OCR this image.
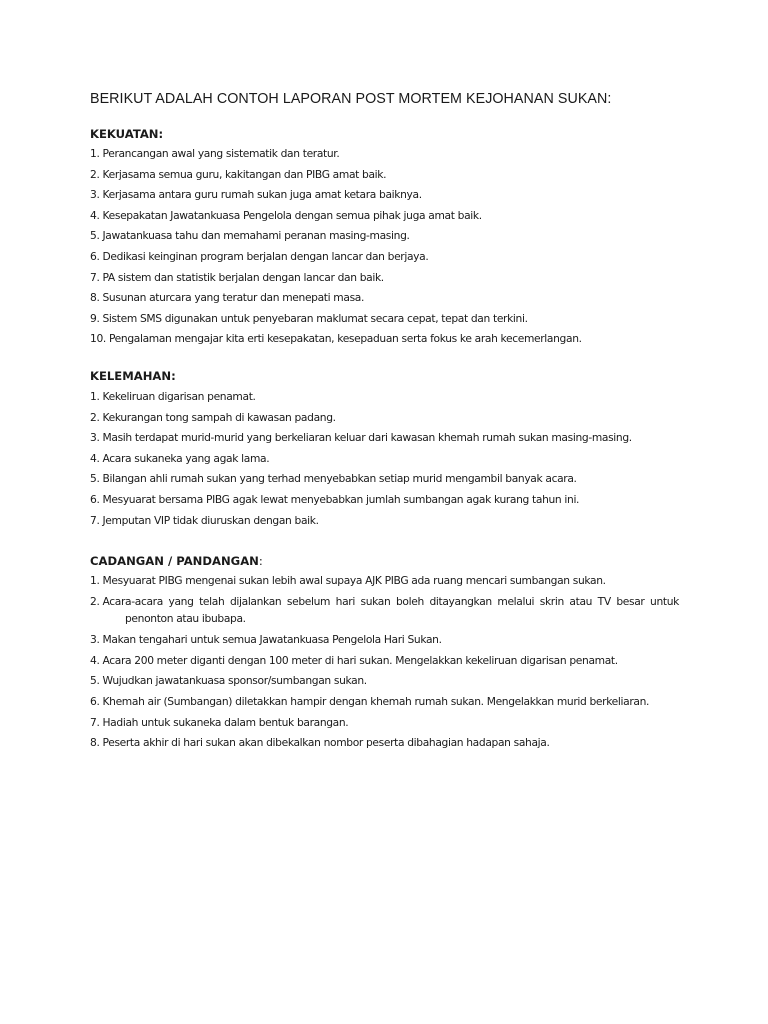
BERIKUT ADALAH CONTOH LAPORAN POST MORTEM KEJOHANAN SUKAN:
KEKUATAN:
1. Perancangan awal yang sistematik dan teratur.
2. Kerjasama semua guru, kakitangan dan PIBG amat baik.
3. Kerjasama antara guru rumah sukan juga amat ketara baiknya.
4. Kesepakatan Jawatankuasa Pengelola dengan semua pihak juga amat baik.
5. Jawatankuasa tahu dan memahami peranan masing-masing.
6. Dedikasi keinginan program berjalan dengan lancar dan berjaya.
7. PA sistem dan statistik berjalan dengan lancar dan baik.
8. Susunan aturcara yang teratur dan menepati masa.
9. Sistem SMS digunakan untuk penyebaran maklumat secara cepat, tepat dan terkini.
10. Pengalaman mengajar kita erti kesepakatan, kesepaduan serta fokus ke arah kecemerlangan.
KELEMAHAN:
1. Kekeliruan digarisan penamat.
2. Kekurangan tong sampah di kawasan padang.
3. Masih terdapat murid-murid yang berkeliaran keluar dari kawasan khemah rumah sukan masing-masing.
4. Acara sukaneka yang agak lama.
5. Bilangan ahli rumah sukan yang terhad menyebabkan setiap murid mengambil banyak acara.
6. Mesyuarat bersama PIBG agak lewat menyebabkan jumlah sumbangan agak kurang tahun ini.
7. Jemputan VIP tidak diuruskan dengan baik.
CADANGAN / PANDANGAN:
1. Mesyuarat PIBG mengenai sukan lebih awal supaya AJK PIBG ada ruang mencari sumbangan sukan.
2. Acara-acara yang telah dijalankan sebelum hari sukan boleh ditayangkan melalui skrin atau TV besar untuk
penonton atau ibubapa.
3. Makan tengahari untuk semua Jawatankuasa Pengelola Hari Sukan.
4. Acara 200 meter diganti dengan 100 meter di hari sukan. Mengelakkan kekeliruan digarisan penamat.
5. Wujudkan jawatankuasa sponsor/sumbangan sukan.
6. Khemah air (Sumbangan) diletakkan hampir dengan khemah rumah sukan. Mengelakkan murid berkeliaran.
7. Hadiah untuk sukaneka dalam bentuk barangan.
8. Peserta akhir di hari sukan akan dibekalkan nombor peserta dibahagian hadapan sahaja.
